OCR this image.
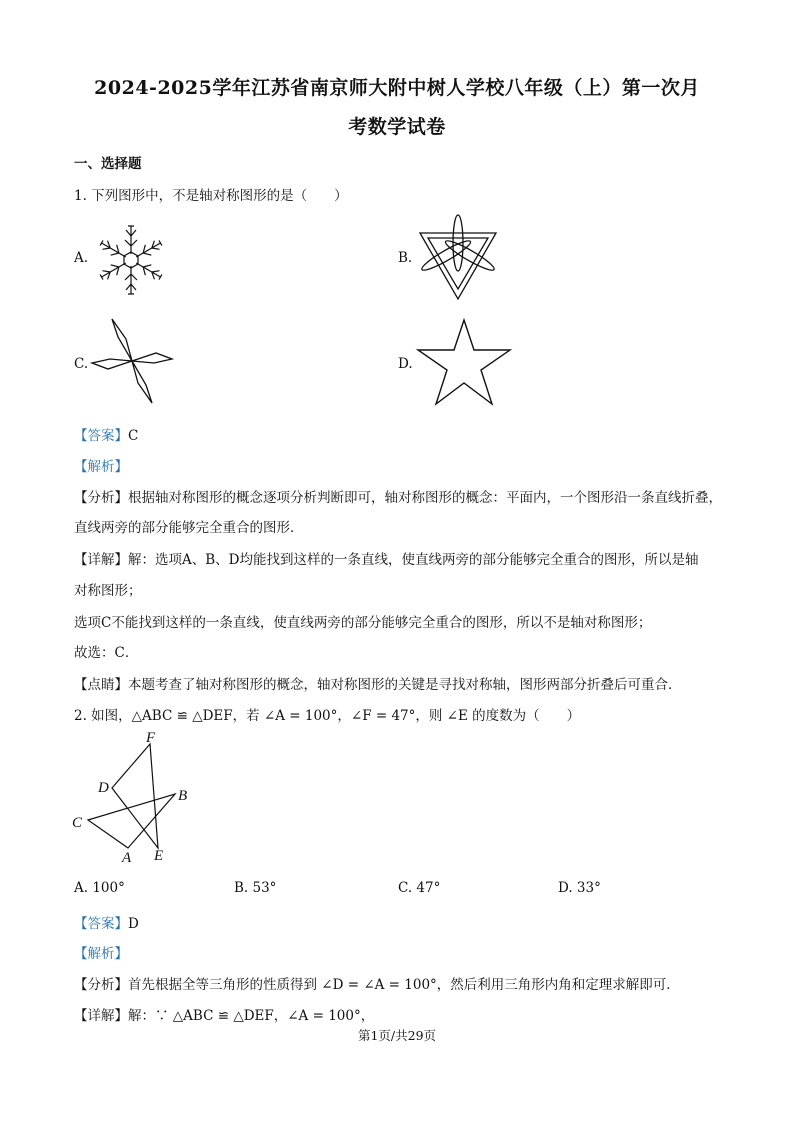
2024-2025学年江苏省南京师大附中树人学校八年级（上）第一次月
考数学试卷
一、选择题
1. 下列图形中，不是轴对称图形的是（　　）
A.	B.
C.	D.
【答案】C
【解析】
【分析】根据轴对称图形的概念逐项分析判断即可，轴对称图形的概念：平面内，一个图形沿一条直线折叠，
直线两旁的部分能够完全重合的图形．
【详解】解：选项A、B、D均能找到这样的一条直线，使直线两旁的部分能够完全重合的图形，所以是轴
对称图形；
选项C不能找到这样的一条直线，使直线两旁的部分能够完全重合的图形，所以不是轴对称图形；
故选：C．
【点睛】本题考查了轴对称图形的概念，轴对称图形的关键是寻找对称轴，图形两部分折叠后可重合．
2. 如图，△ABC ≌ △DEF，若 ∠A = 100°，∠F = 47°，则 ∠E 的度数为（　　）
F
D	B
C
A E
A. 100°	B. 53°	C. 47°	D. 33°
【答案】D
【解析】
【分析】首先根据全等三角形的性质得到 ∠D = ∠A = 100°，然后利用三角形内角和定理求解即可．
【详解】解：∵ △ABC ≌ △DEF，∠A = 100°，
第1页/共29页
